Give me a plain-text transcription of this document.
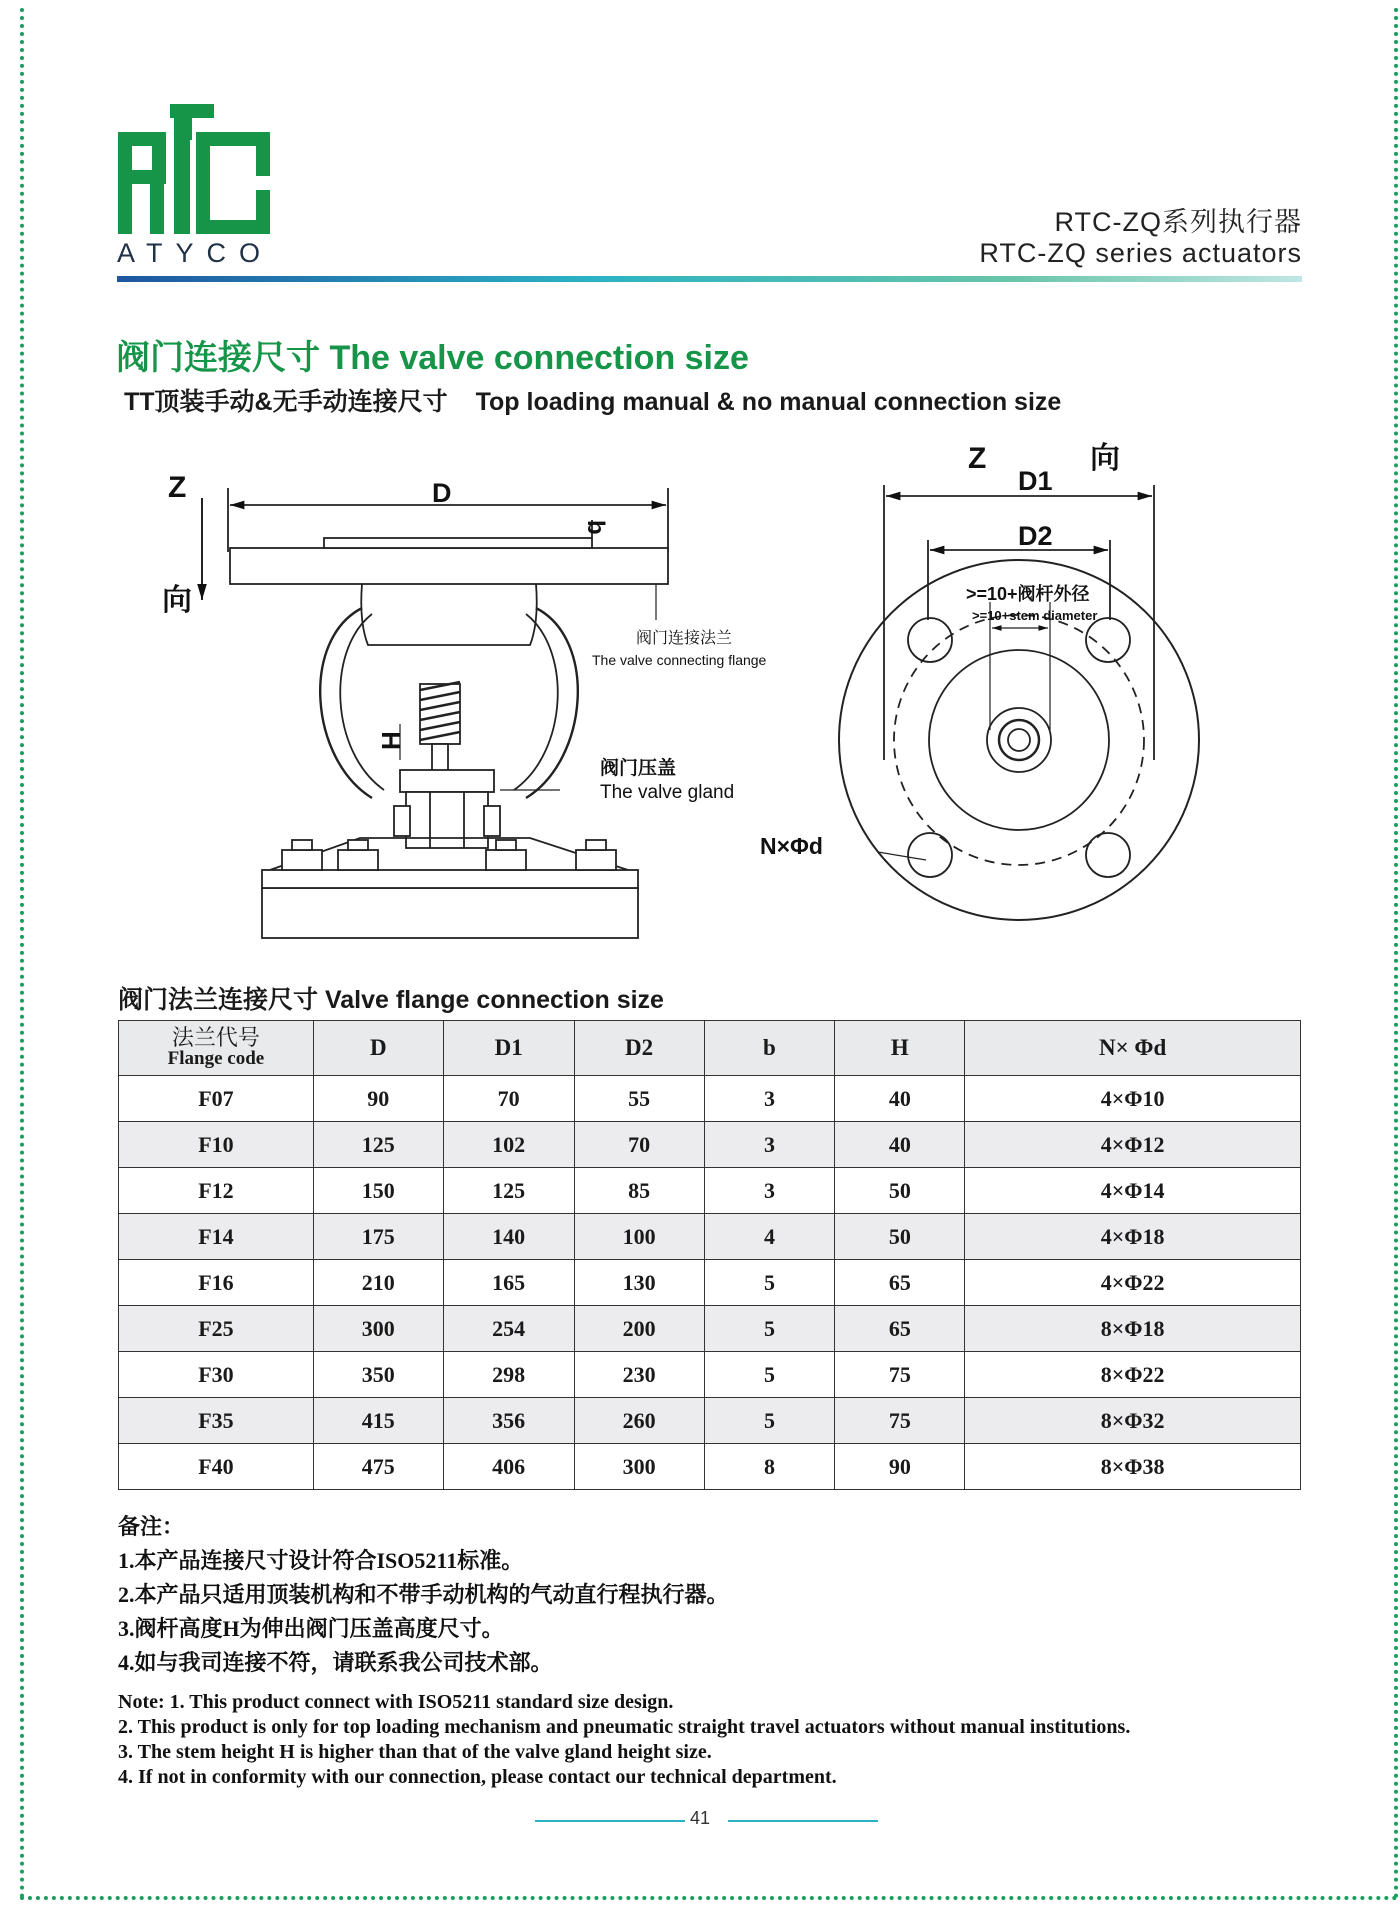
ATYCO
RTC-ZQ系列执行器
RTC-ZQ series actuators
阀门连接尺寸 The valve connection size
TT顶装手动&无手动连接尺寸 Top loading manual & no manual connection size
Z
向
D
b
H
阀门连接法兰
The valve connecting flange
阀门压盖
The valve gland
Z	向
D1
D2
>=10+阀杆外径
>=10+stem diameter
N×Φd
阀门法兰连接尺寸 Valve flange connection size
法兰代号
Flange code	D	D1	D2	b	H	N× Φd
F07	90	70	55	3	40	4×Φ10
F10	125	102	70	3	40	4×Φ12
F12	150	125	85	3	50	4×Φ14
F14	175	140	100	4	50	4×Φ18
F16	210	165	130	5	65	4×Φ22
F25	300	254	200	5	65	8×Φ18
F30	350	298	230	5	75	8×Φ22
F35	415	356	260	5	75	8×Φ32
F40	475	406	300	8	90	8×Φ38
备注：
1.本产品连接尺寸设计符合ISO5211标准。
2.本产品只适用顶装机构和不带手动机构的气动直行程执行器。
3.阀杆高度H为伸出阀门压盖高度尺寸。
4.如与我司连接不符，请联系我公司技术部。
Note: 1. This product connect with ISO5211 standard size design.
2. This product is only for top loading mechanism and pneumatic straight travel actuators without manual institutions.
3. The stem height H is higher than that of the valve gland height size.
4. If not in conformity with our connection, please contact our technical department.
41
